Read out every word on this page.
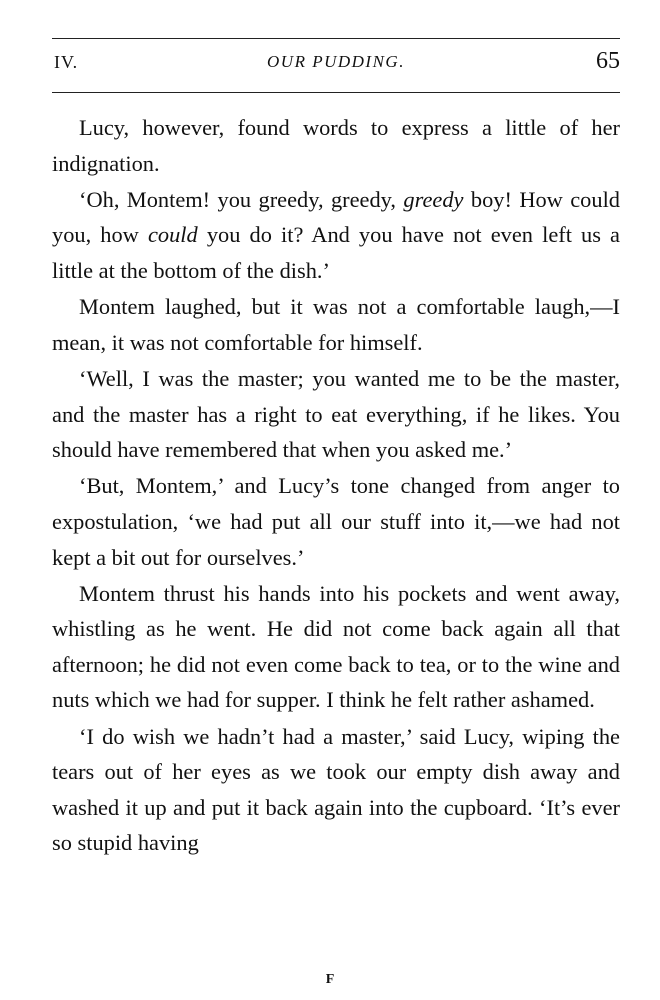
IV.	OUR PUDDING.	65

Lucy, however, found words to express a little of her indignation.

‘Oh, Montem! you greedy, greedy, greedy boy! How could you, how could you do it? And you have not even left us a little at the bottom of the dish.’

Montem laughed, but it was not a comfortable laugh,—I mean, it was not comfortable for himself.

‘Well, I was the master; you wanted me to be the master, and the master has a right to eat everything, if he likes. You should have remembered that when you asked me.’

‘But, Montem,’ and Lucy’s tone changed from anger to expostulation, ‘we had put all our stuff into it,—we had not kept a bit out for ourselves.’

Montem thrust his hands into his pockets and went away, whistling as he went. He did not come back again all that afternoon; he did not even come back to tea, or to the wine and nuts which we had for supper. I think he felt rather ashamed.

‘I do wish we hadn’t had a master,’ said Lucy, wiping the tears out of her eyes as we took our empty dish away and washed it up and put it back again into the cupboard. ‘It’s ever so stupid having

F
